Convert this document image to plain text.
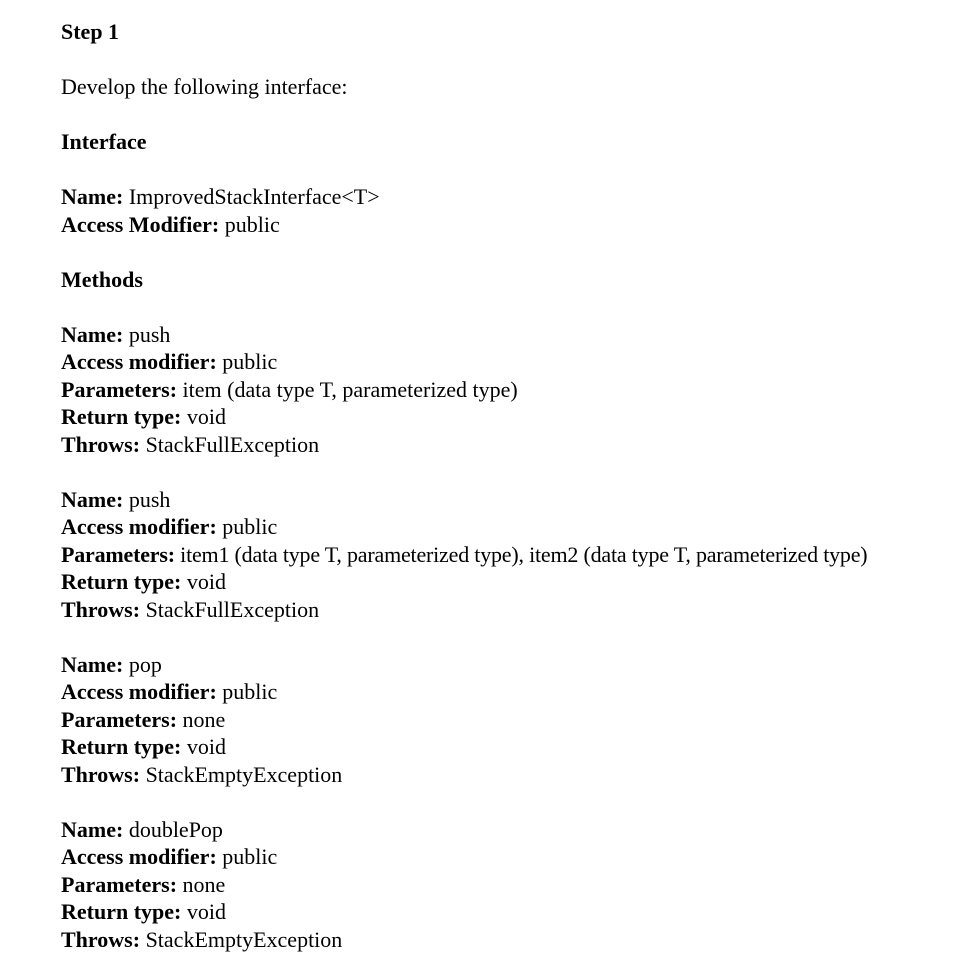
Step 1
Develop the following interface:
Interface
Name: ImprovedStackInterface<T>
Access Modifier: public
Methods
Name: push
Access modifier: public
Parameters: item (data type T, parameterized type)
Return type: void
Throws: StackFullException
Name: push
Access modifier: public
Parameters: item1 (data type T, parameterized type), item2 (data type T, parameterized type)
Return type: void
Throws: StackFullException
Name: pop
Access modifier: public
Parameters: none
Return type: void
Throws: StackEmptyException
Name: doublePop
Access modifier: public
Parameters: none
Return type: void
Throws: StackEmptyException
